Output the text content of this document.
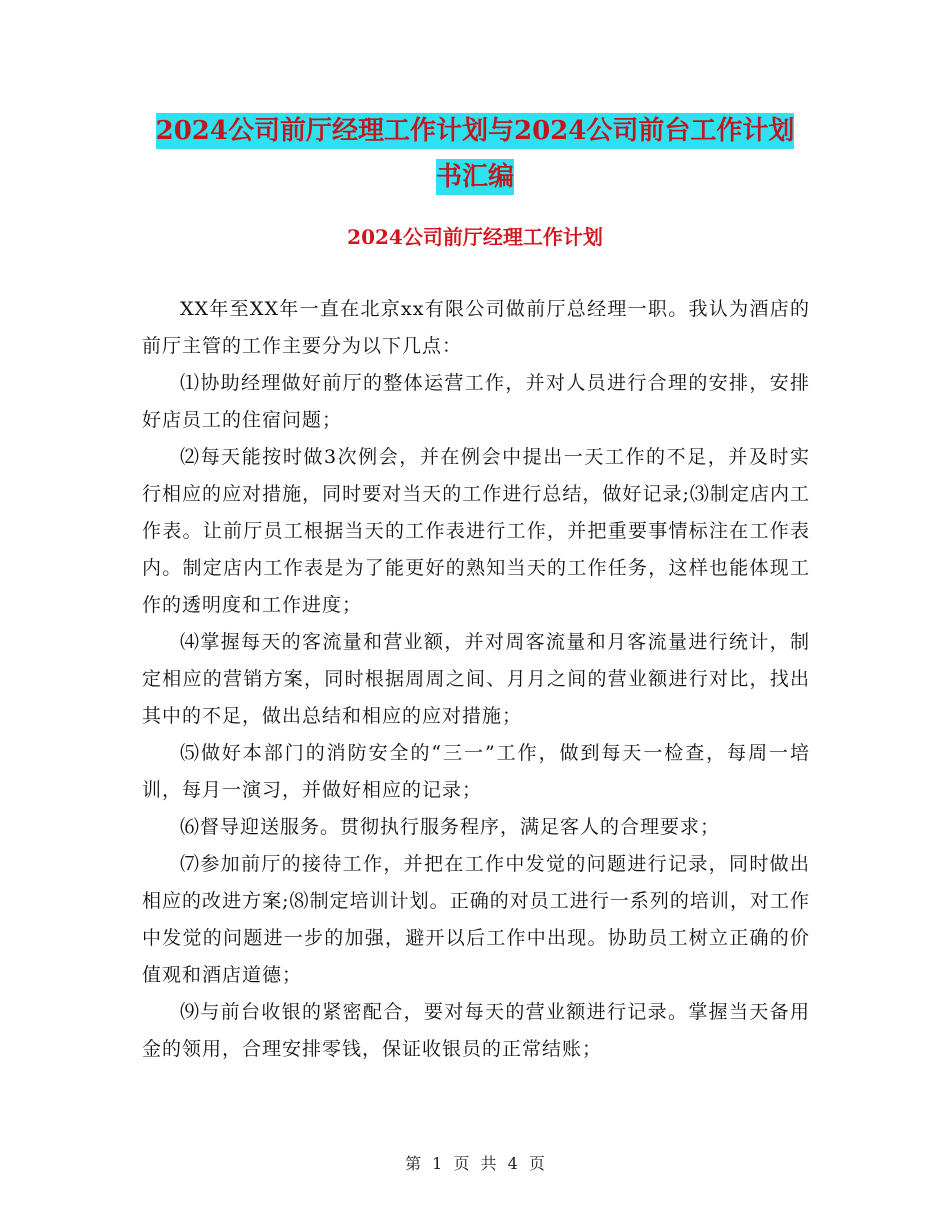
2024公司前厅经理工作计划与2024公司前台工作计划
书汇编
2024公司前厅经理工作计划

XX年至XX年一直在北京xx有限公司做前厅总经理一职。我认为酒店的前厅主管的工作主要分为以下几点：

⑴协助经理做好前厅的整体运营工作，并对人员进行合理的安排，安排好店员工的住宿问题；

⑵每天能按时做3次例会，并在例会中提出一天工作的不足，并及时实行相应的应对措施，同时要对当天的工作进行总结，做好记录;⑶制定店内工作表。让前厅员工根据当天的工作表进行工作，并把重要事情标注在工作表内。制定店内工作表是为了能更好的熟知当天的工作任务，这样也能体现工作的透明度和工作进度；

⑷掌握每天的客流量和营业额，并对周客流量和月客流量进行统计，制定相应的营销方案，同时根据周周之间、月月之间的营业额进行对比，找出其中的不足，做出总结和相应的应对措施；

⑸做好本部门的消防安全的“三一”工作，做到每天一检查，每周一培训，每月一演习，并做好相应的记录；

⑹督导迎送服务。贯彻执行服务程序，满足客人的合理要求；

⑺参加前厅的接待工作，并把在工作中发觉的问题进行记录，同时做出相应的改进方案;⑻制定培训计划。正确的对员工进行一系列的培训，对工作中发觉的问题进一步的加强，避开以后工作中出现。协助员工树立正确的价值观和酒店道德；

⑼与前台收银的紧密配合，要对每天的营业额进行记录。掌握当天备用金的领用，合理安排零钱，保证收银员的正常结账；

第 1 页 共 4 页
